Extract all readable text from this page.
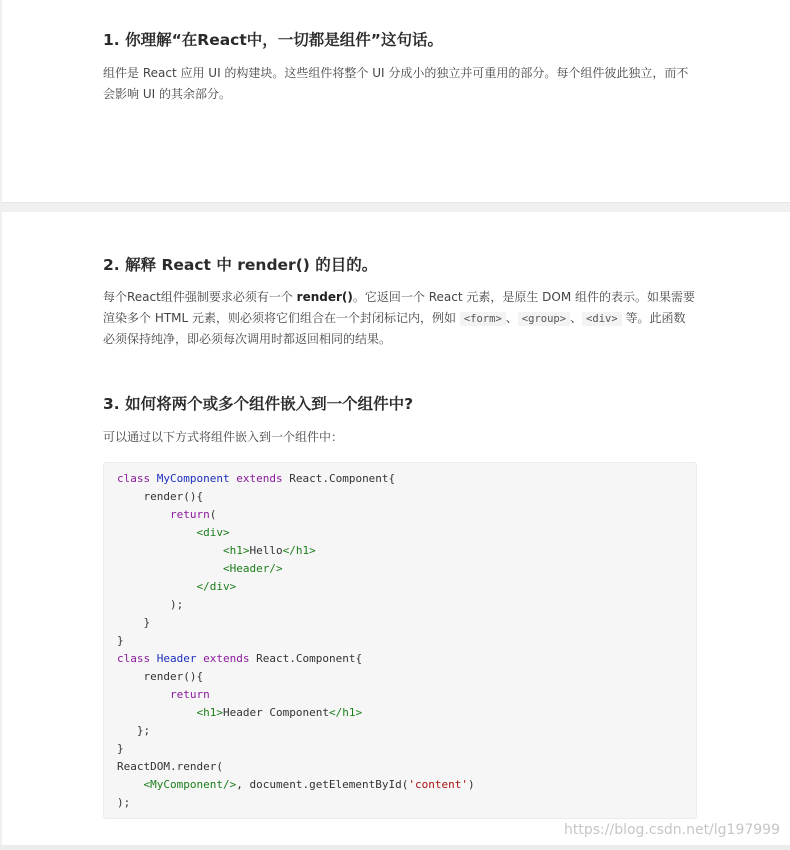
1. 你理解“在React中，一切都是组件”这句话。

组件是 React 应用 UI 的构建块。这些组件将整个 UI 分成小的独立并可重用的部分。每个组件彼此独立，而不会影响 UI 的其余部分。

2. 解释 React 中 render() 的目的。

每个React组件强制要求必须有一个 render()。它返回一个 React 元素，是原生 DOM 组件的表示。如果需要渲染多个 HTML 元素，则必须将它们组合在一个封闭标记内，例如 <form> 、 <group> 、 <div> 等。此函数必须保持纯净，即必须每次调用时都返回相同的结果。

3. 如何将两个或多个组件嵌入到一个组件中?

可以通过以下方式将组件嵌入到一个组件中：

class MyComponent extends React.Component{
render(){
return(
<div>
<h1>Hello</h1>
<Header/>
</div>
);
}
}
class Header extends React.Component{
render(){
return
<h1>Header Component</h1>
};
}
ReactDOM.render(
<MyComponent/>, document.getElementById('content')
);
https://blog.csdn.net/lg197999
